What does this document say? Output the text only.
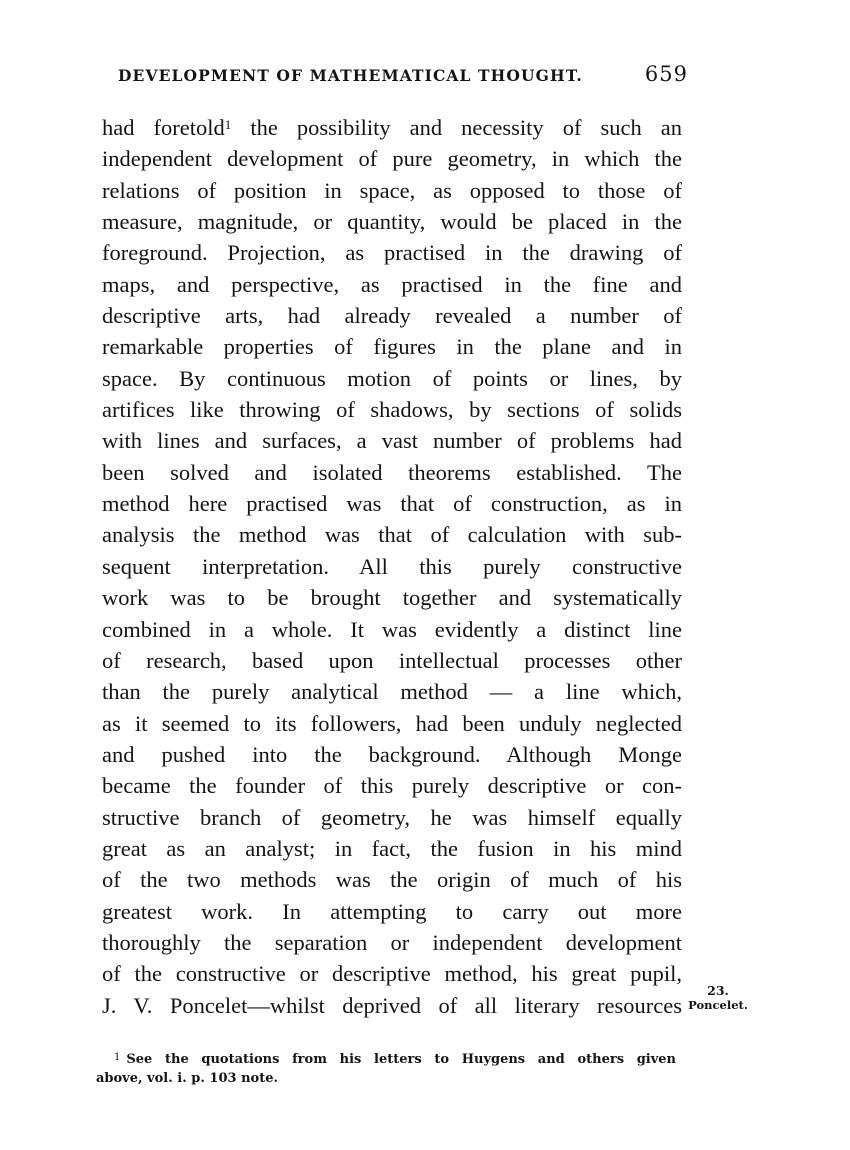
DEVELOPMENT OF MATHEMATICAL THOUGHT.	659
had foretold$^1$ the possibility and necessity of such an
independent development of pure geometry, in which the
relations of position in space, as opposed to those of
measure, magnitude, or quantity, would be placed in the
foreground. Projection, as practised in the drawing of
maps, and perspective, as practised in the fine and
descriptive arts, had already revealed a number of
remarkable properties of figures in the plane and in
space. By continuous motion of points or lines, by
artifices like throwing of shadows, by sections of solids
with lines and surfaces, a vast number of problems had
been solved and isolated theorems established. The
method here practised was that of construction, as in
analysis the method was that of calculation with sub-
sequent interpretation. All this purely constructive
work was to be brought together and systematically
combined in a whole. It was evidently a distinct line
of research, based upon intellectual processes other
than the purely analytical method — a line which,
as it seemed to its followers, had been unduly neglected
and pushed into the background. Although Monge
became the founder of this purely descriptive or con-
structive branch of geometry, he was himself equally
great as an analyst; in fact, the fusion in his mind
of the two methods was the origin of much of his
greatest work. In attempting to carry out more
thoroughly the separation or independent development
of the constructive or descriptive method, his great pupil,
J. V. Poncelet—whilst deprived of all literary resources
23.
Poncelet.
$^1$ See the quotations from his letters to Huygens and others given
above, vol. i. p. 103 note.
